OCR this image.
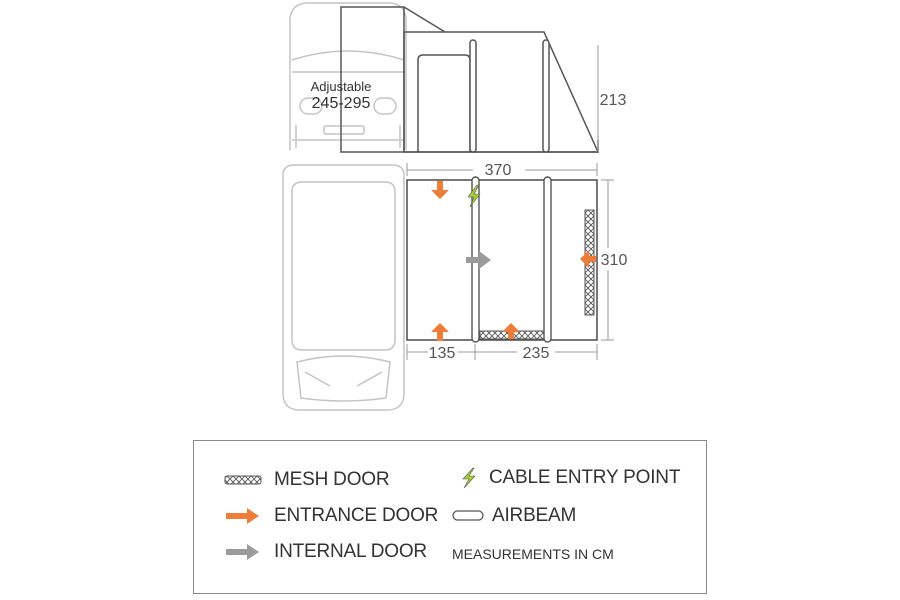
Adjustable
245-295	213
370
310
135	235
MESH DOOR	CABLE ENTRY POINT
ENTRANCE DOOR	AIRBEAM
INTERNAL DOOR MEASUREMENTS IN CM
